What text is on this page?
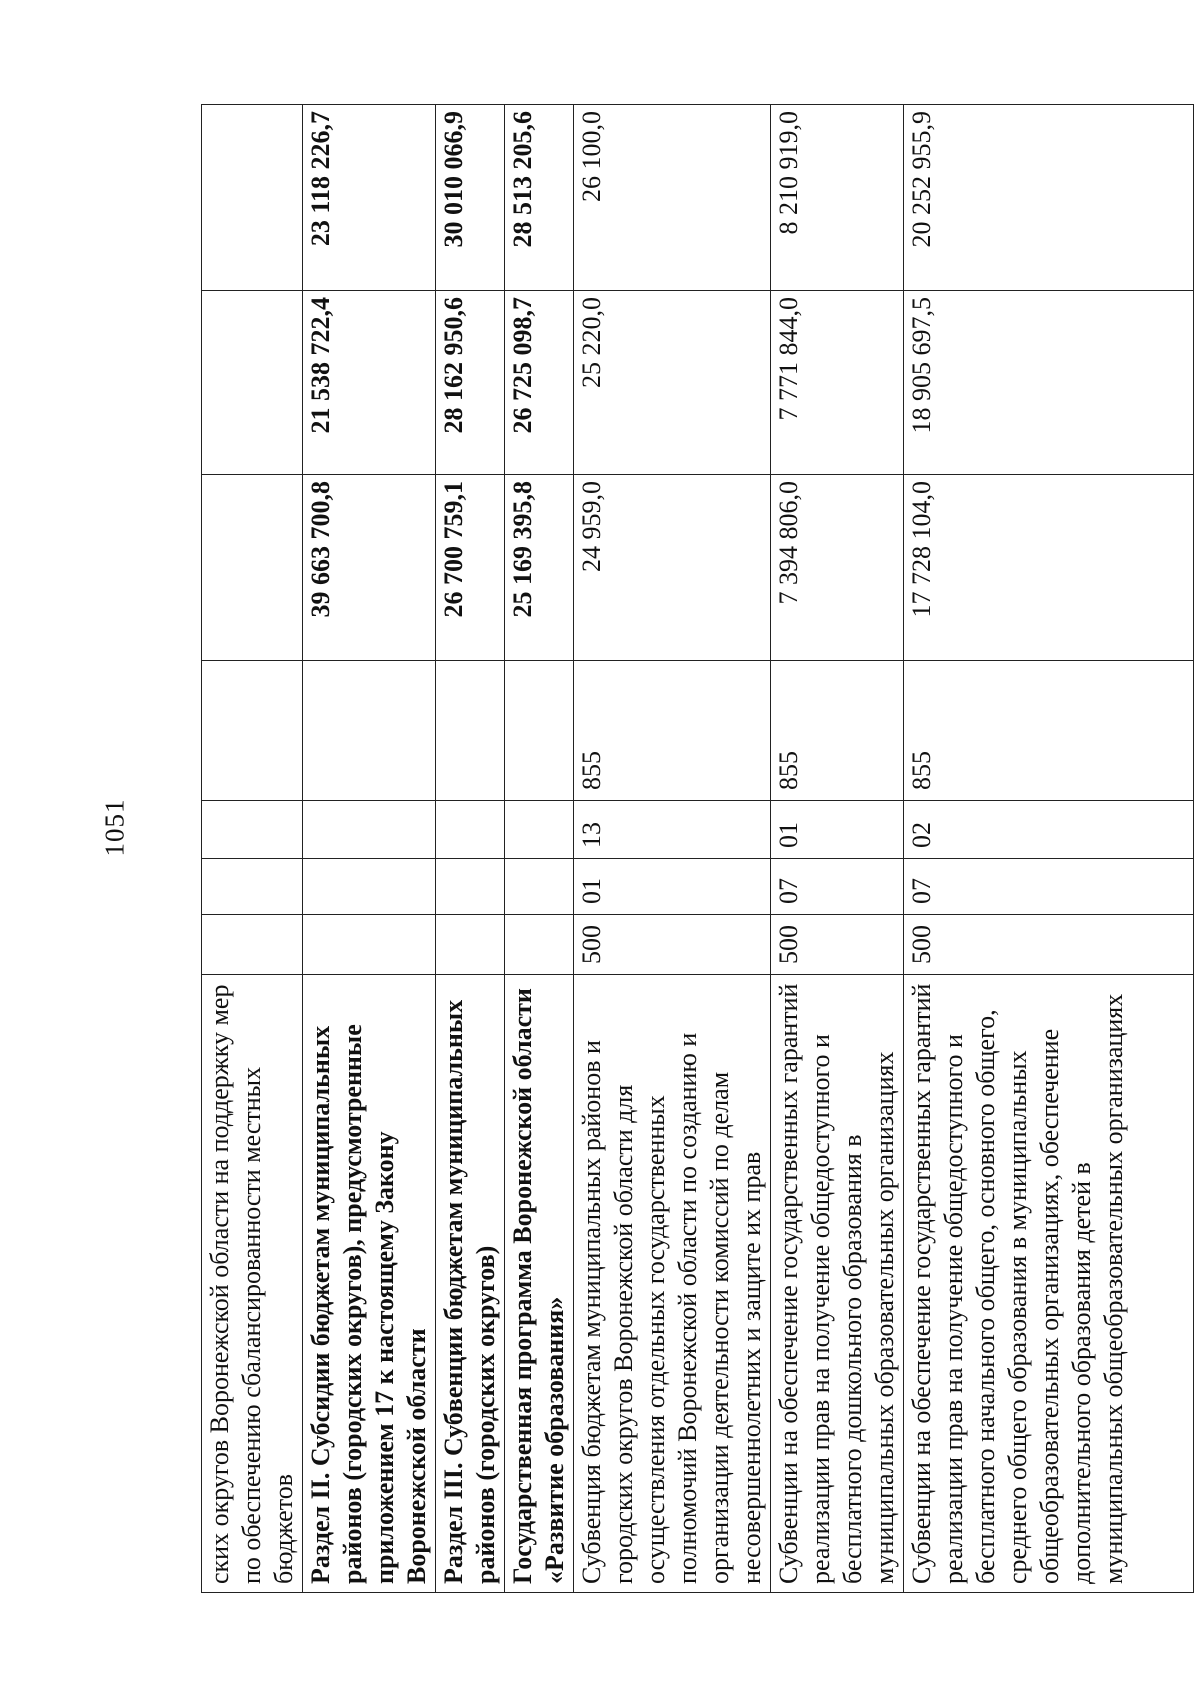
1051
ских округов Воронежской области на поддержку мер по обеспечению сбалансированности местных бюджетов							
Раздел II. Субсидии бюджетам муниципальных районов (городских округов), предусмотренные приложением 17 к настоящему Закону Воронежской области					39 663 700,8	21 538 722,4	23 118 226,7
Раздел III. Субвенции бюджетам муниципальных районов (городских округов)					26 700 759,1	28 162 950,6	30 010 066,9
Государственная программа Воронежской области «Развитие образования»					25 169 395,8	26 725 098,7	28 513 205,6
Субвенция бюджетам муниципальных районов и городских округов Воронежской области для осуществления отдельных государственных полномочий Воронежской области по созданию и организации деятельности комиссий по делам несовершеннолетних и защите их прав	500	01	13	855	24 959,0	25 220,0	26 100,0
Субвенции на обеспечение государственных гарантий реализации прав на получение общедоступного и бесплатного дошкольного образования в муниципальных образовательных организациях	500	07	01	855	7 394 806,0	7 771 844,0	8 210 919,0
Субвенции на обеспечение государственных гарантий реализации прав на получение общедоступного и бесплатного начального общего, основного общего, среднего общего образования в муниципальных общеобразовательных организациях, обеспечение дополнительного образования детей в муниципальных общеобразовательных организациях	500	07	02	855	17 728 104,0	18 905 697,5	20 252 955,9
